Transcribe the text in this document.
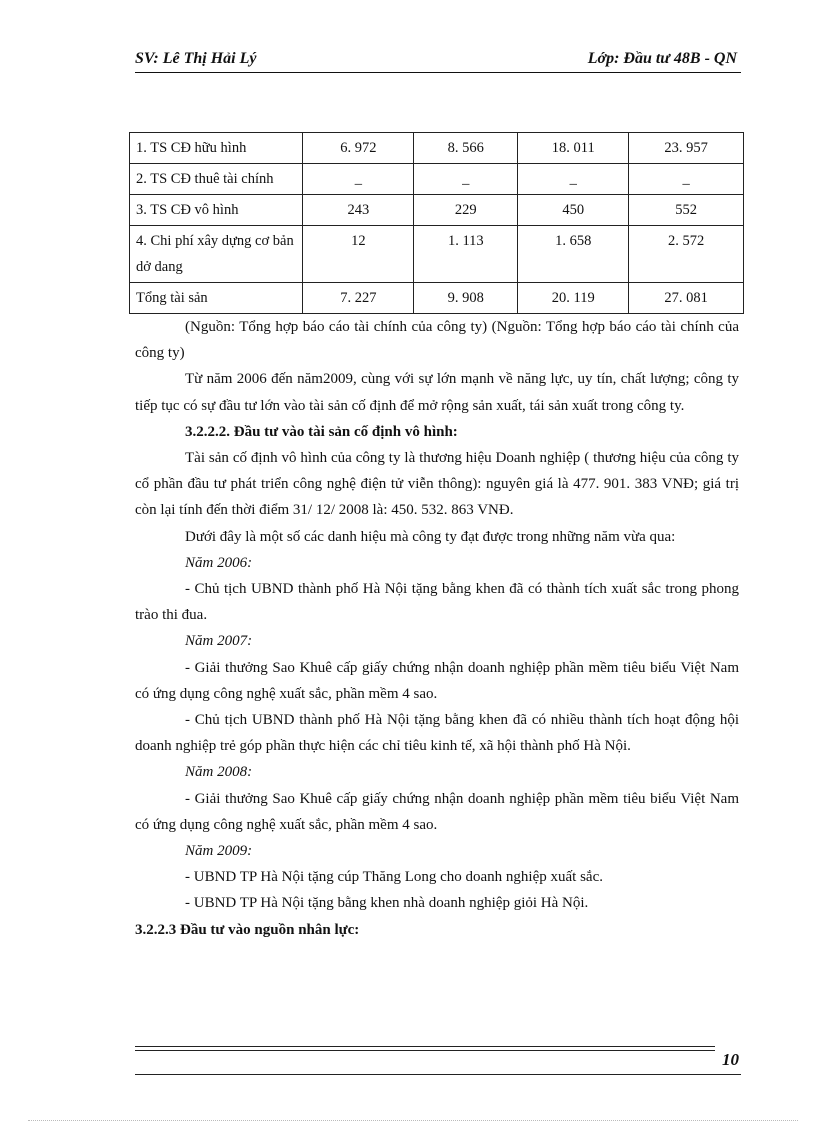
SV: Lê Thị Hải Lý	Lớp: Đầu tư 48B - QN
1. TS CĐ hữu hình	6. 972	8. 566	18. 011	23. 957
2. TS CĐ thuê tài chính	_	_	_	_
3. TS CĐ vô hình	243	229	450	552
4. Chi phí xây dựng cơ bản dở dang	12	1. 113	1. 658	2. 572
Tổng tài sản	7. 227	9. 908	20. 119	27. 081

(Nguồn: Tổng hợp báo cáo tài chính của công ty) (Nguồn: Tổng hợp báo cáo tài chính của công ty)

Từ năm 2006 đến năm2009, cùng với sự lớn mạnh về năng lực, uy tín, chất lượng; công ty tiếp tục có sự đầu tư lớn vào tài sản cố định để mở rộng sản xuất, tái sản xuất trong công ty.

3.2.2.2. Đầu tư vào tài sản cố định vô hình:

Tài sản cố định vô hình của công ty là thương hiệu Doanh nghiệp ( thương hiệu của công ty cổ phần đầu tư phát triển công nghệ điện tử viễn thông): nguyên giá là 477. 901. 383 VNĐ; giá trị còn lại tính đến thời điểm 31/ 12/ 2008 là: 450. 532. 863 VNĐ.

Dưới đây là một số các danh hiệu mà công ty đạt được trong những năm vừa qua:

Năm 2006:

- Chủ tịch UBND thành phố Hà Nội tặng bằng khen đã có thành tích xuất sắc trong phong trào thi đua.

Năm 2007:

- Giải thưởng Sao Khuê cấp giấy chứng nhận doanh nghiệp phần mềm tiêu biểu Việt Nam có ứng dụng công nghệ xuất sắc, phần mềm 4 sao.

- Chủ tịch UBND thành phố Hà Nội tặng bằng khen đã có nhiều thành tích hoạt động hội doanh nghiệp trẻ góp phần thực hiện các chỉ tiêu kinh tế, xã hội thành phố Hà Nội.

Năm 2008:

- Giải thưởng Sao Khuê cấp giấy chứng nhận doanh nghiệp phần mềm tiêu biểu Việt Nam có ứng dụng công nghệ xuất sắc, phần mềm 4 sao.

Năm 2009:

- UBND TP Hà Nội tặng cúp Thăng Long cho doanh nghiệp xuất sắc.

- UBND TP Hà Nội tặng bằng khen nhà doanh nghiệp giỏi Hà Nội.

3.2.2.3 Đầu tư vào nguồn nhân lực:

10
